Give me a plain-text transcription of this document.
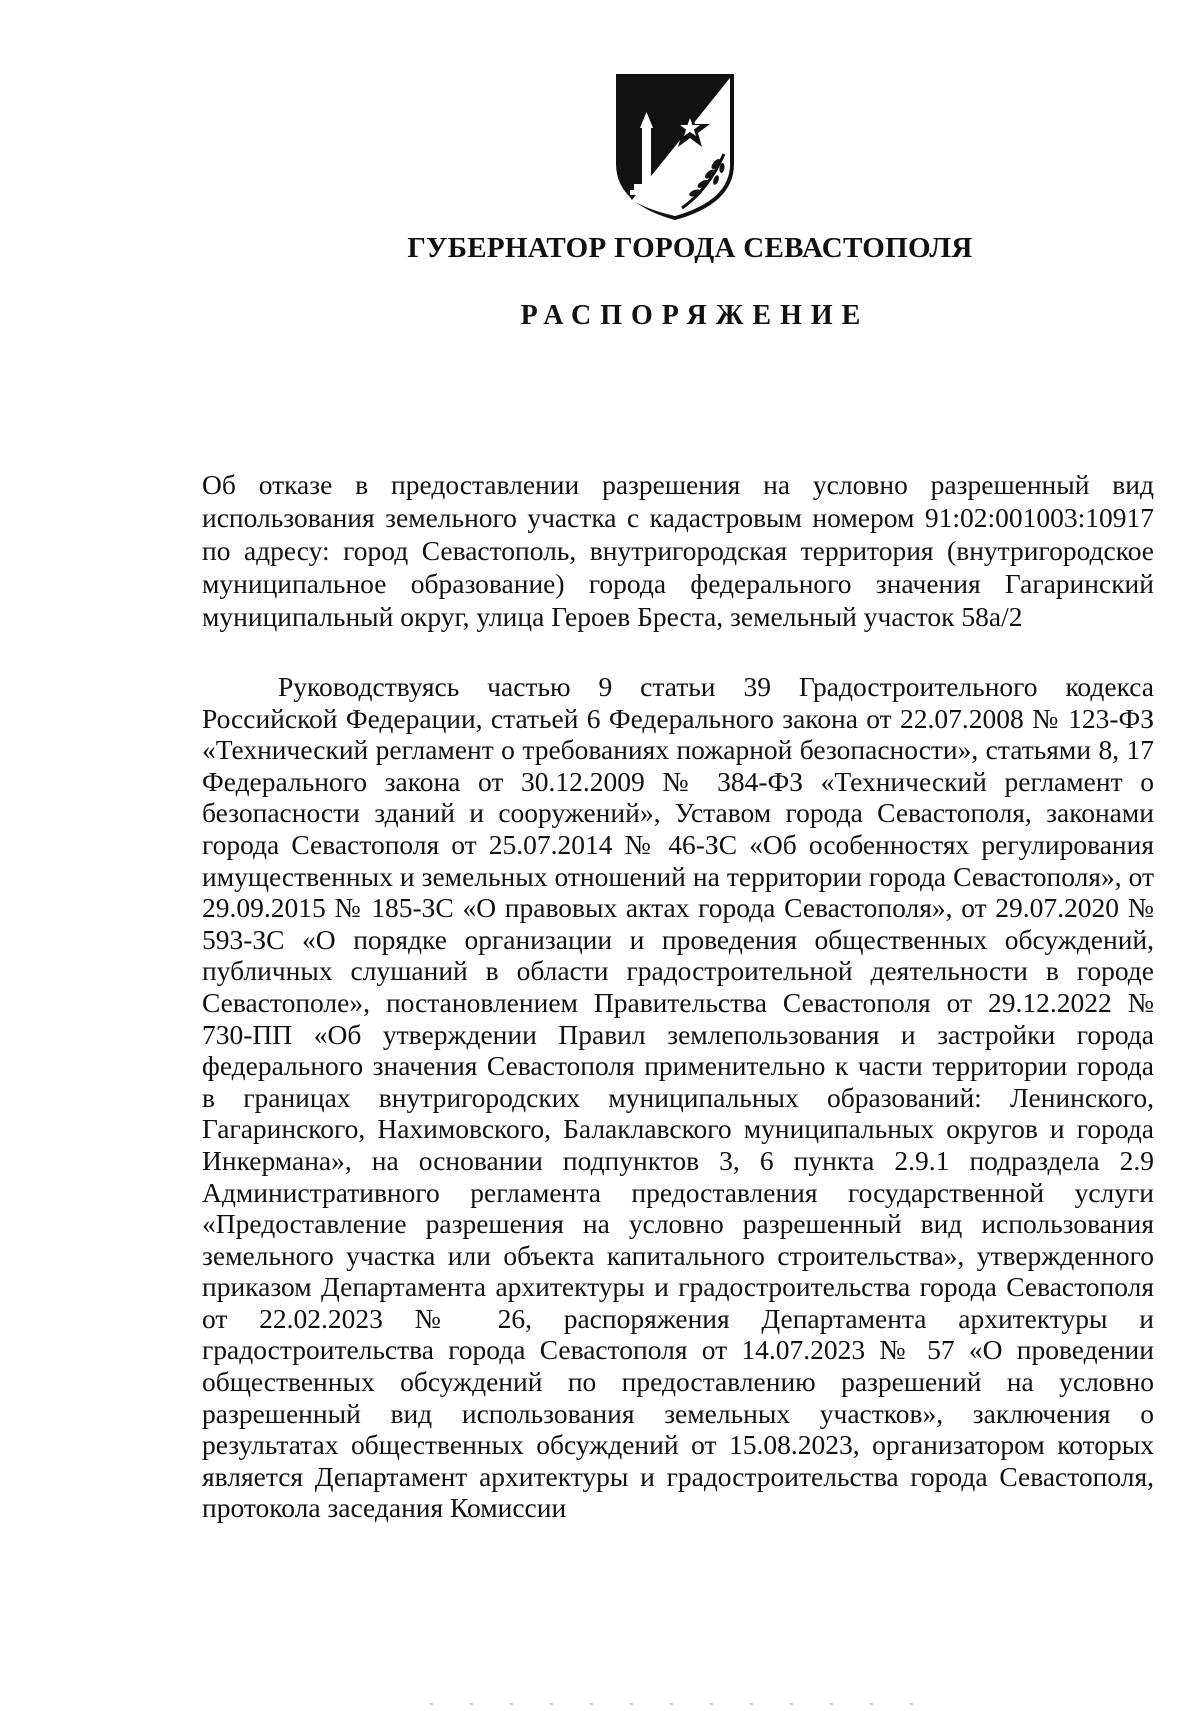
ГУБЕРНАТОР ГОРОДА СЕВАСТОПОЛЯ
РАСПОРЯЖЕНИЕ

Об отказе в предоставлении разрешения на условно разрешенный вид использования земельного участка с кадастровым номером 91:02:001003:10917 по адресу: город Севастополь, внутригородская территория (внутригородское муниципальное образование) города федерального значения Гагаринский муниципальный округ, улица Героев Бреста, земельный участок 58а/2

Руководствуясь частью 9 статьи 39 Градостроительного кодекса Российской Федерации, статьей 6 Федерального закона от 22.07.2008 № 123-ФЗ «Технический регламент о требованиях пожарной безопасности», статьями 8, 17 Федерального закона от 30.12.2009 № 384-ФЗ «Технический регламент о безопасности зданий и сооружений», Уставом города Севастополя, законами города Севастополя от 25.07.2014 № 46-ЗС «Об особенностях регулирования имущественных и земельных отношений на территории города Севастополя», от 29.09.2015 № 185-ЗС «О правовых актах города Севастополя», от 29.07.2020 № 593-ЗС «О порядке организации и проведения общественных обсуждений, публичных слушаний в области градостроительной деятельности в городе Севастополе», постановлением Правительства Севастополя от 29.12.2022 № 730-ПП «Об утверждении Правил землепользования и застройки города федерального значения Севастополя применительно к части территории города в границах внутригородских муниципальных образований: Ленинского, Гагаринского, Нахимовского, Балаклавского муниципальных округов и города Инкермана», на основании подпунктов 3, 6 пункта 2.9.1 подраздела 2.9 Административного регламента предоставления государственной услуги «Предоставление разрешения на условно разрешенный вид использования земельного участка или объекта капитального строительства», утвержденного приказом Департамента архитектуры и градостроительства города Севастополя от 22.02.2023 № 26, распоряжения Департамента архитектуры и градостроительства города Севастополя от 14.07.2023 № 57 «О проведении общественных обсуждений по предоставлению разрешений на условно разрешенный вид использования земельных участков», заключения о результатах общественных обсуждений от 15.08.2023, организатором которых является Департамент архитектуры и градостроительства города Севастополя, протокола заседания Комиссии
